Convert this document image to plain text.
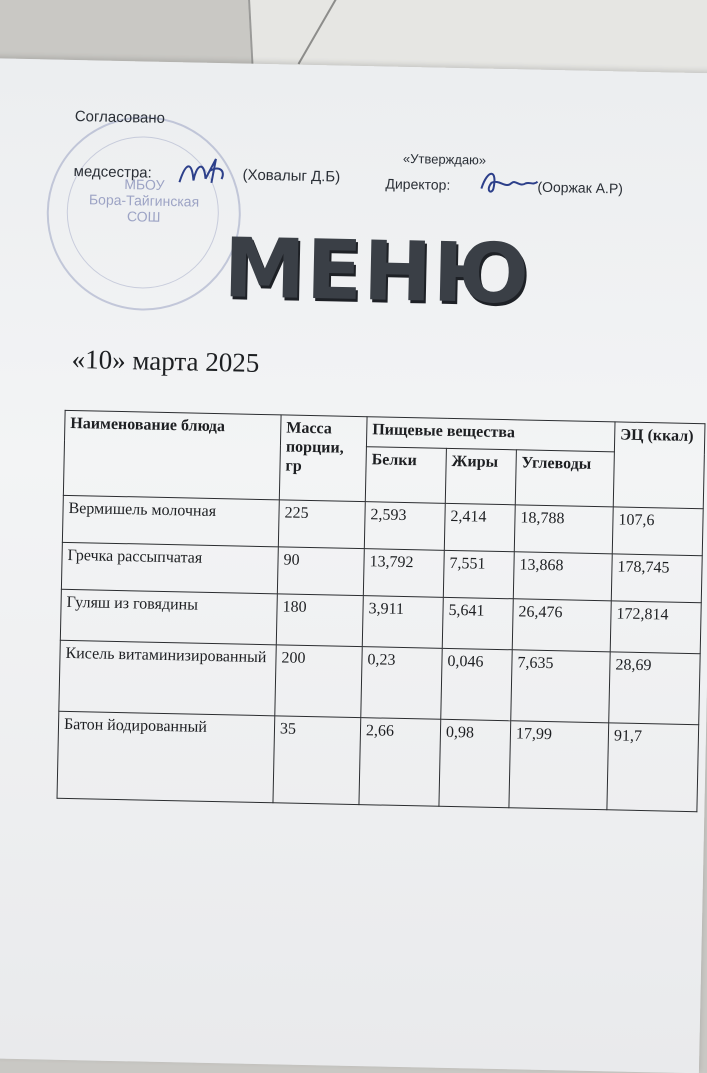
МБОУ
Бора-Тайгинская
СОШ
Согласовано
медсестра:	(Ховалыг Д.Б)
«Утверждаю»
Директор:	(Ооржак А.Р)
МЕНЮ
«10» марта 2025
Наименование блюда	Масса порции, гр	Пищевые вещества			ЭЦ (ккал)
		Белки	Жиры	Углеводы	
Вермишель молочная	225	2,593	2,414	18,788	107,6
Гречка рассыпчатая	90	13,792	7,551	13,868	178,745
Гуляш из говядины	180	3,911	5,641	26,476	172,814
Кисель витаминизированный	200	0,23	0,046	7,635	28,69
Батон йодированный	35	2,66	0,98	17,99	91,7
